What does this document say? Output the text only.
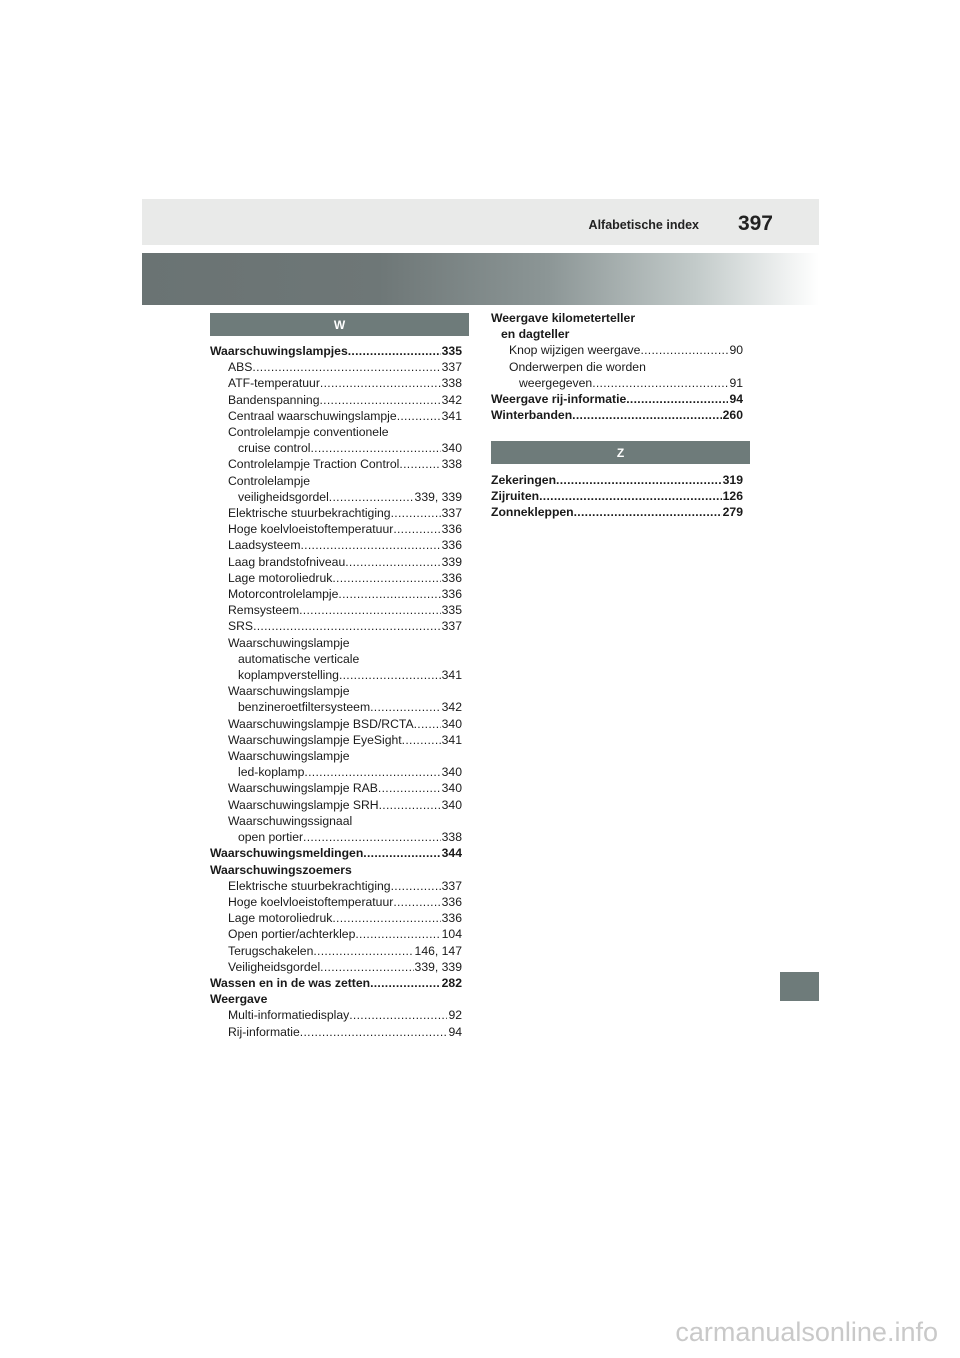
Alfabetische index 397
W
Waarschuwingslampjes .....	335
ABS .....	337
ATF-temperatuur .....	338
Bandenspanning .....	342
Centraal waarschuwingslampje .....	341
Controlelampje conventionele
cruise control .....	340
Controlelampje Traction Control .....	338
Controlelampje
veiligheidsgordel .....	339, 339
Elektrische stuurbekrachtiging .....	337
Hoge koelvloeistoftemperatuur .....	336
Laadsysteem .....	336
Laag brandstofniveau .....	339
Lage motoroliedruk .....	336
Motorcontrolelampje .....	336
Remsysteem .....	335
SRS .....	337
Waarschuwingslampje
automatische verticale
koplampverstelling .....	341
Waarschuwingslampje
benzineroetfiltersysteem .....	342
Waarschuwingslampje BSD/RCTA ..... 340
Waarschuwingslampje EyeSight .....	341
Waarschuwingslampje
led-koplamp .....	340
Waarschuwingslampje RAB .....	340
Waarschuwingslampje SRH .....	340
Waarschuwingssignaal
open portier .....	338
Waarschuwingsmeldingen .....	344
Waarschuwingszoemers
Elektrische stuurbekrachtiging .....	337
Hoge koelvloeistoftemperatuur .....	336
Lage motoroliedruk .....	336
Open portier/achterklep .....	104
Terugschakelen .....	146, 147
Veiligheidsgordel .....	339, 339
Wassen en in de was zetten .....	282
Weergave
Multi-informatiedisplay .....	92
Rij-informatie .....	94
Weergave kilometerteller
en dagteller
Knop wijzigen weergave .....	90
Onderwerpen die worden
weergegeven .....	91
Weergave rij-informatie .....	94
Winterbanden .....	260
Z
Zekeringen .....	319
Zijruiten .....	126
Zonnekleppen .....	279
carmanualsonline.info
